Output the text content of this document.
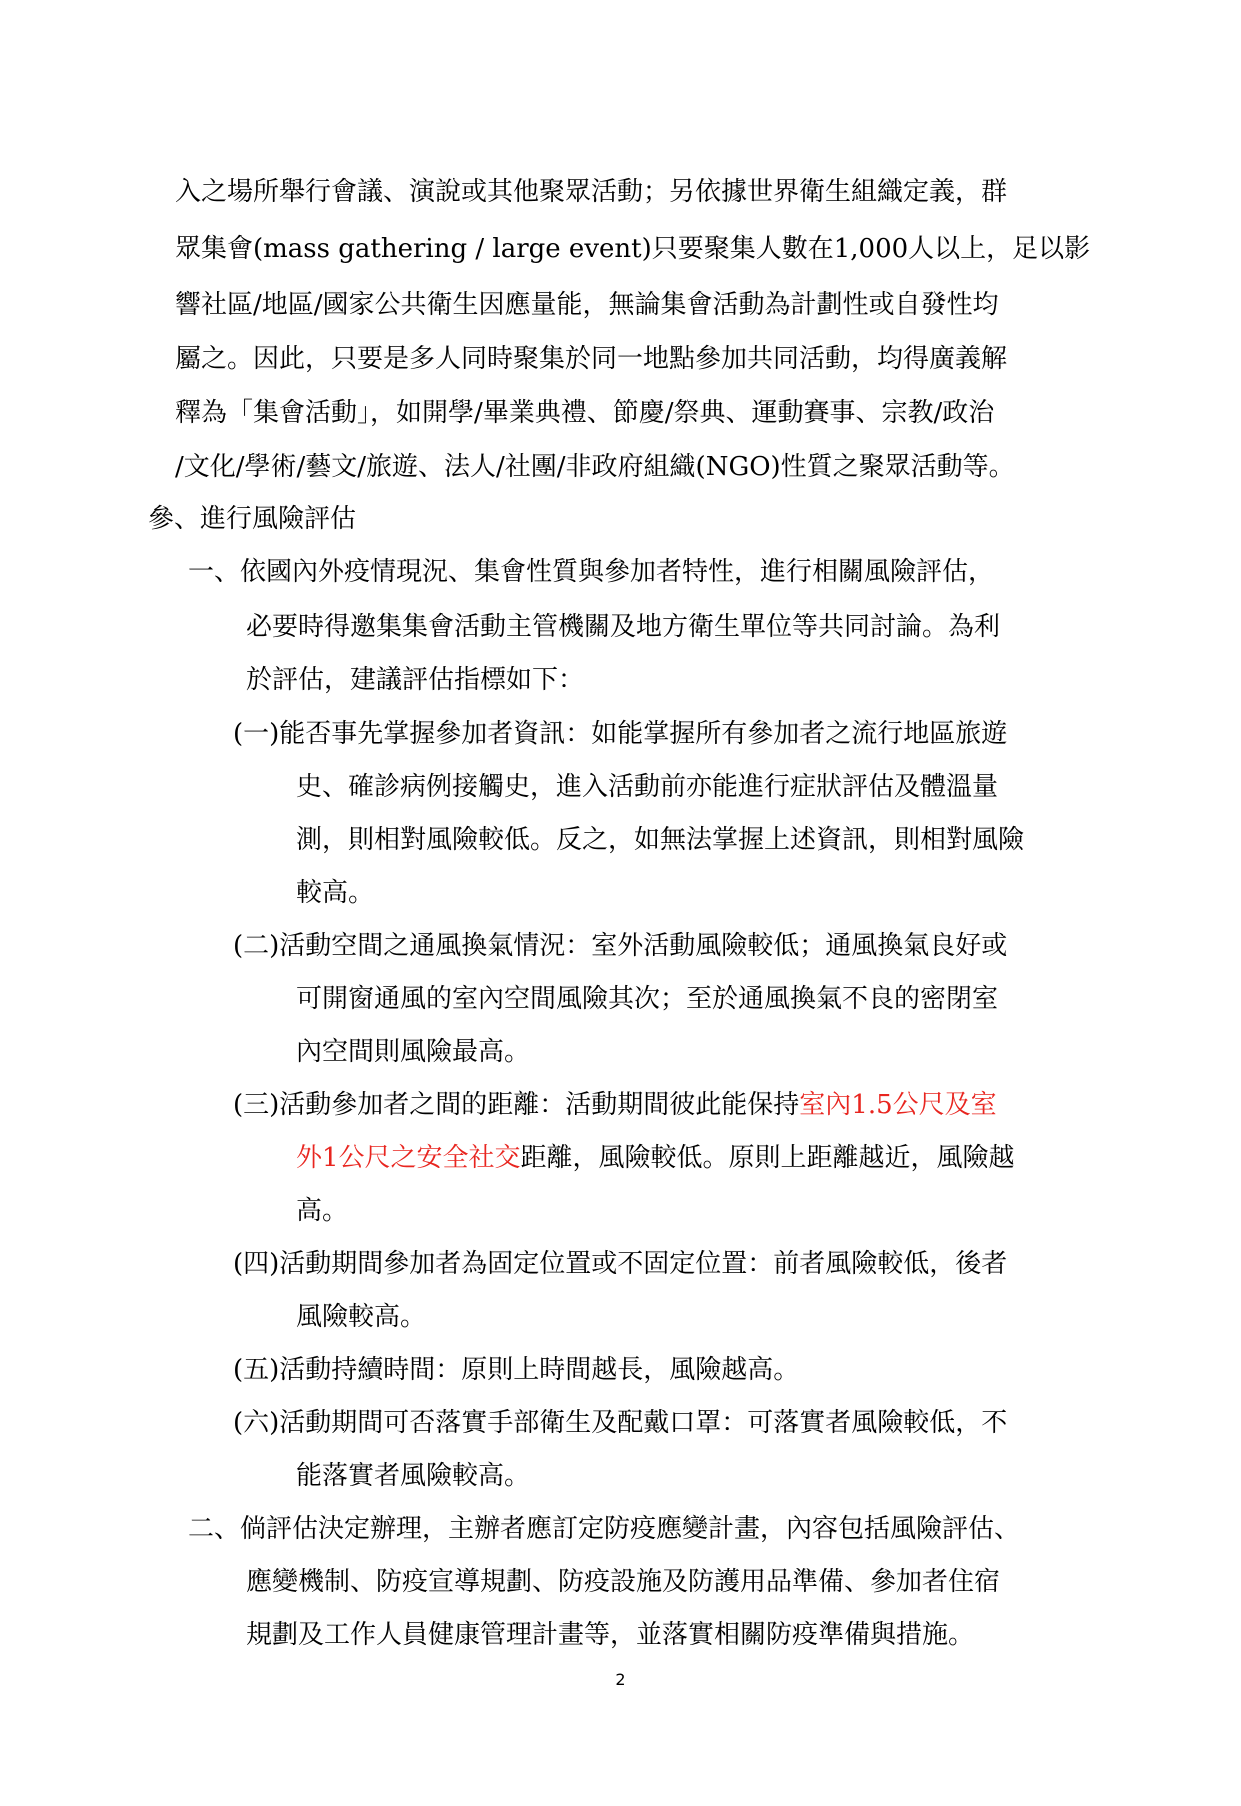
入之場所舉行會議、演說或其他聚眾活動；另依據世界衛生組織定義，群
眾集會(mass gathering / large event)只要聚集人數在1,000人以上，足以影
響社區/地區/國家公共衛生因應量能，無論集會活動為計劃性或自發性均
屬之。因此，只要是多人同時聚集於同一地點參加共同活動，均得廣義解
釋為「集會活動」，如開學/畢業典禮、節慶/祭典、運動賽事、宗教/政治
/文化/學術/藝文/旅遊、法人/社團/非政府組織(NGO)性質之聚眾活動等。
參、進行風險評估
一、依國內外疫情現況、集會性質與參加者特性，進行相關風險評估，
必要時得邀集集會活動主管機關及地方衛生單位等共同討論。為利
於評估，建議評估指標如下：
(一)能否事先掌握參加者資訊：如能掌握所有參加者之流行地區旅遊
史、確診病例接觸史，進入活動前亦能進行症狀評估及體溫量
測，則相對風險較低。反之，如無法掌握上述資訊，則相對風險
較高。
(二)活動空間之通風換氣情況：室外活動風險較低；通風換氣良好或
可開窗通風的室內空間風險其次；至於通風換氣不良的密閉室
內空間則風險最高。
(三)活動參加者之間的距離：活動期間彼此能保持室內1.5公尺及室
外1公尺之安全社交距離，風險較低。原則上距離越近，風險越
高。
(四)活動期間參加者為固定位置或不固定位置：前者風險較低，後者
風險較高。
(五)活動持續時間：原則上時間越長，風險越高。
(六)活動期間可否落實手部衛生及配戴口罩：可落實者風險較低，不
能落實者風險較高。
二、倘評估決定辦理，主辦者應訂定防疫應變計畫，內容包括風險評估、
應變機制、防疫宣導規劃、防疫設施及防護用品準備、參加者住宿
規劃及工作人員健康管理計畫等，並落實相關防疫準備與措施。
2
